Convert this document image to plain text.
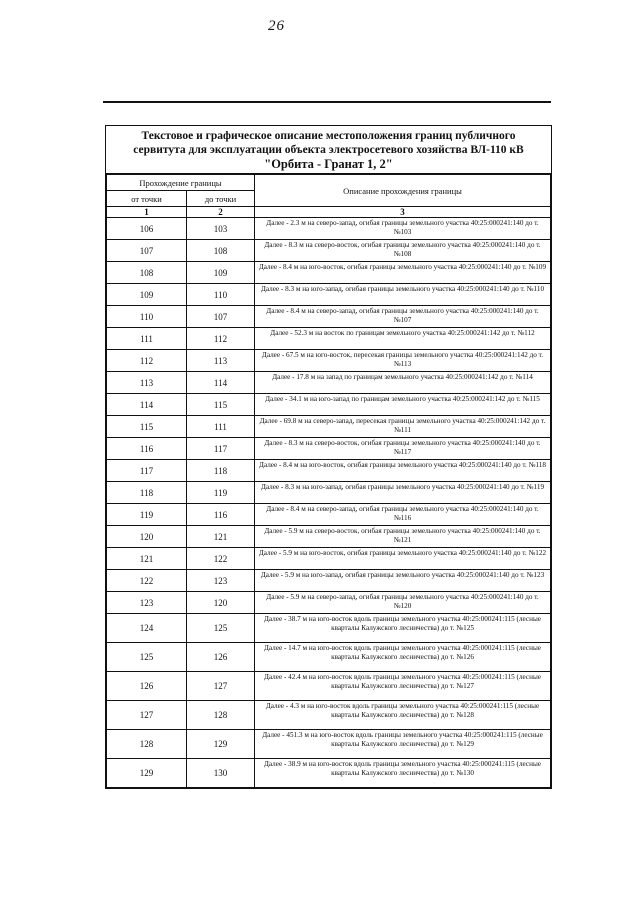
26
Текстовое и графическое описание местоположения границ публичного
сервитута для эксплуатации объекта электросетевого хозяйства ВЛ-110 кВ
"Орбита - Гранат 1, 2"
Прохождение границы		Описание прохождения границы
от точки	до точки	
1	2	3
106	103	Далее - 2.3 м на северо-запад, огибая границы земельного участка 40:25:000241:140 до т. №103
107	108	Далее - 8.3 м на северо-восток, огибая границы земельного участка 40:25:000241:140 до т. №108
108	109	Далее - 8.4 м на юго-восток, огибая границы земельного участка 40:25:000241:140 до т. №109
109	110	Далее - 8.3 м на юго-запад, огибая границы земельного участка 40:25:000241:140 до т. №110
110	107	Далее - 8.4 м на северо-запад, огибая границы земельного участка 40:25:000241:140 до т. №107
111	112	Далее - 52.3 м на восток по границам земельного участка 40:25:000241:142 до т. №112
112	113	Далее - 67.5 м на юго-восток, пересекая границы земельного участка 40:25:000241:142 до т. №113
113	114	Далее - 17.8 м на запад по границам земельного участка 40:25:000241:142 до т. №114
114	115	Далее - 34.1 м на юго-запад по границам земельного участка 40:25:000241:142 до т. №115
115	111	Далее - 69.8 м на северо-запад, пересекая границы земельного участка 40:25:000241:142 до т. №111
116	117	Далее - 8.3 м на северо-восток, огибая границы земельного участка 40:25:000241:140 до т. №117
117	118	Далее - 8.4 м на юго-восток, огибая границы земельного участка 40:25:000241:140 до т. №118
118	119	Далее - 8.3 м на юго-запад, огибая границы земельного участка 40:25:000241:140 до т. №119
119	116	Далее - 8.4 м на северо-запад, огибая границы земельного участка 40:25:000241:140 до т. №116
120	121	Далее - 5.9 м на северо-восток, огибая границы земельного участка 40:25:000241:140 до т. №121
121	122	Далее - 5.9 м на юго-восток, огибая границы земельного участка 40:25:000241:140 до т. №122
122	123	Далее - 5.9 м на юго-запад, огибая границы земельного участка 40:25:000241:140 до т. №123
123	120	Далее - 5.9 м на северо-запад, огибая границы земельного участка 40:25:000241:140 до т. №120
124	125	Далее - 38.7 м на юго-восток вдоль границы земельного участка 40:25:000241:115 (лесные кварталы Калужского лесничества) до т. №125
125	126	Далее - 14.7 м на юго-восток вдоль границы земельного участка 40:25:000241:115 (лесные кварталы Калужского лесничества) до т. №126
126	127	Далее - 42.4 м на юго-восток вдоль границы земельного участка 40:25:000241:115 (лесные кварталы Калужского лесничества) до т. №127
127	128	Далее - 4.3 м на юго-восток вдоль границы земельного участка 40:25:000241:115 (лесные кварталы Калужского лесничества) до т. №128
128	129	Далее - 451.3 м на юго-восток вдоль границы земельного участка 40:25:000241:115 (лесные кварталы Калужского лесничества) до т. №129
129	130	Далее - 38.9 м на юго-восток вдоль границы земельного участка 40:25:000241:115 (лесные кварталы Калужского лесничества) до т. №130
